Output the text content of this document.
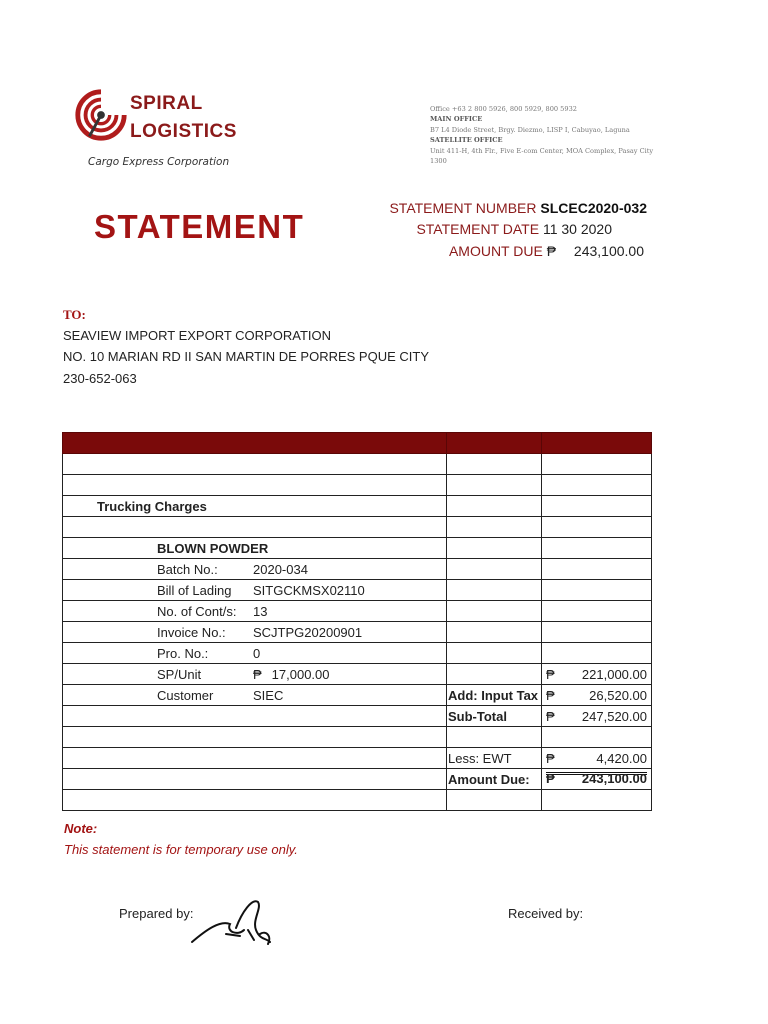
SPIRAL
LOGISTICS
Cargo Express Corporation
Office +63 2 800 5926, 800 5929, 800 5932
MAIN OFFICE
B7 L4 Diode Street, Brgy. Diezmo, LISP I, Cabuyao, Laguna
SATELLITE OFFICE
Unit 411-H, 4th Flr., Five E-com Center, MOA Complex, Pasay City 1300
STATEMENT	STATEMENT NUMBER SLCEC2020-032
STATEMENT DATE 11 30 2020
AMOUNT DUE ₱ 243,100.00
TO:
SEAVIEW IMPORT EXPORT CORPORATION
NO. 10 MARIAN RD II SAN MARTIN DE PORRES PQUE CITY
230-652-063

Trucking Charges		

BLOWN POWDER		
Batch No.: 2020-034		
Bill of Lading SITGCKMSX02110		
No. of Cont/s: 13		
Invoice No.: SCJTPG20200901		
Pro. No.: 0		
SP/Unit ₱ 17,000.00		₱ 221,000.00

Customer SIEC	Add: Input Tax	₱ 26,520.00

	Sub-Total	₱ 247,520.00

	Less: EWT	₱ 4,420.00

	Amount Due:	₱ 243,100.00

Note:
This statement is for temporary use only.
Prepared by:	Received by:
